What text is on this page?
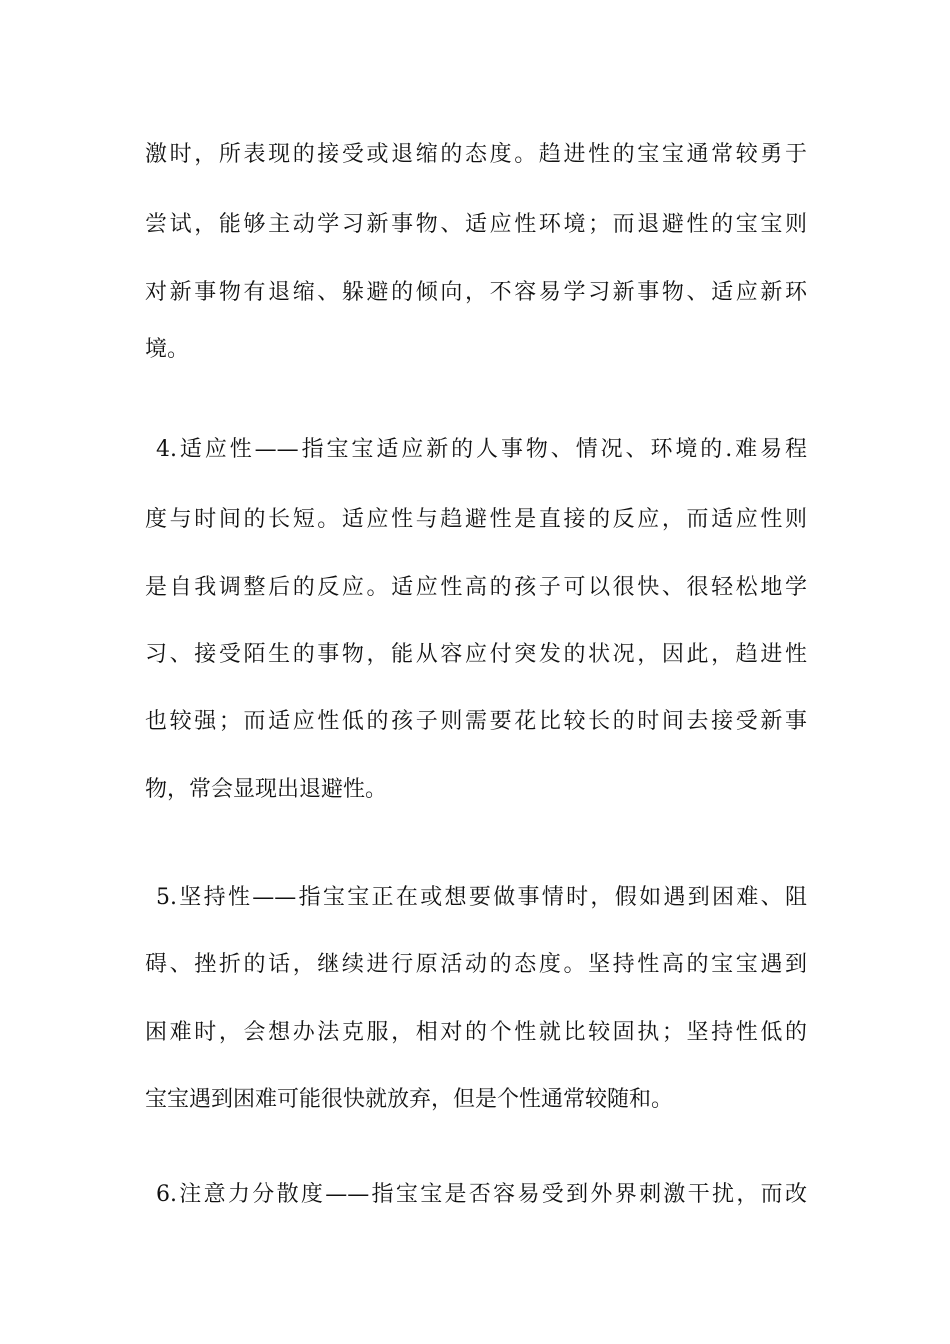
激时，所表现的接受或退缩的态度。趋进性的宝宝通常较勇于
尝试，能够主动学习新事物、适应性环境；而退避性的宝宝则
对新事物有退缩、躲避的倾向，不容易学习新事物、适应新环
境。
4.适应性——指宝宝适应新的人事物、情况、环境的.难易程
度与时间的长短。适应性与趋避性是直接的反应，而适应性则
是自我调整后的反应。适应性高的孩子可以很快、很轻松地学
习、接受陌生的事物，能从容应付突发的状况，因此，趋进性
也较强；而适应性低的孩子则需要花比较长的时间去接受新事
物，常会显现出退避性。
5.坚持性——指宝宝正在或想要做事情时，假如遇到困难、阻
碍、挫折的话，继续进行原活动的态度。坚持性高的宝宝遇到
困难时，会想办法克服，相对的个性就比较固执；坚持性低的
宝宝遇到困难可能很快就放弃，但是个性通常较随和。
6.注意力分散度——指宝宝是否容易受到外界刺激干扰，而改
